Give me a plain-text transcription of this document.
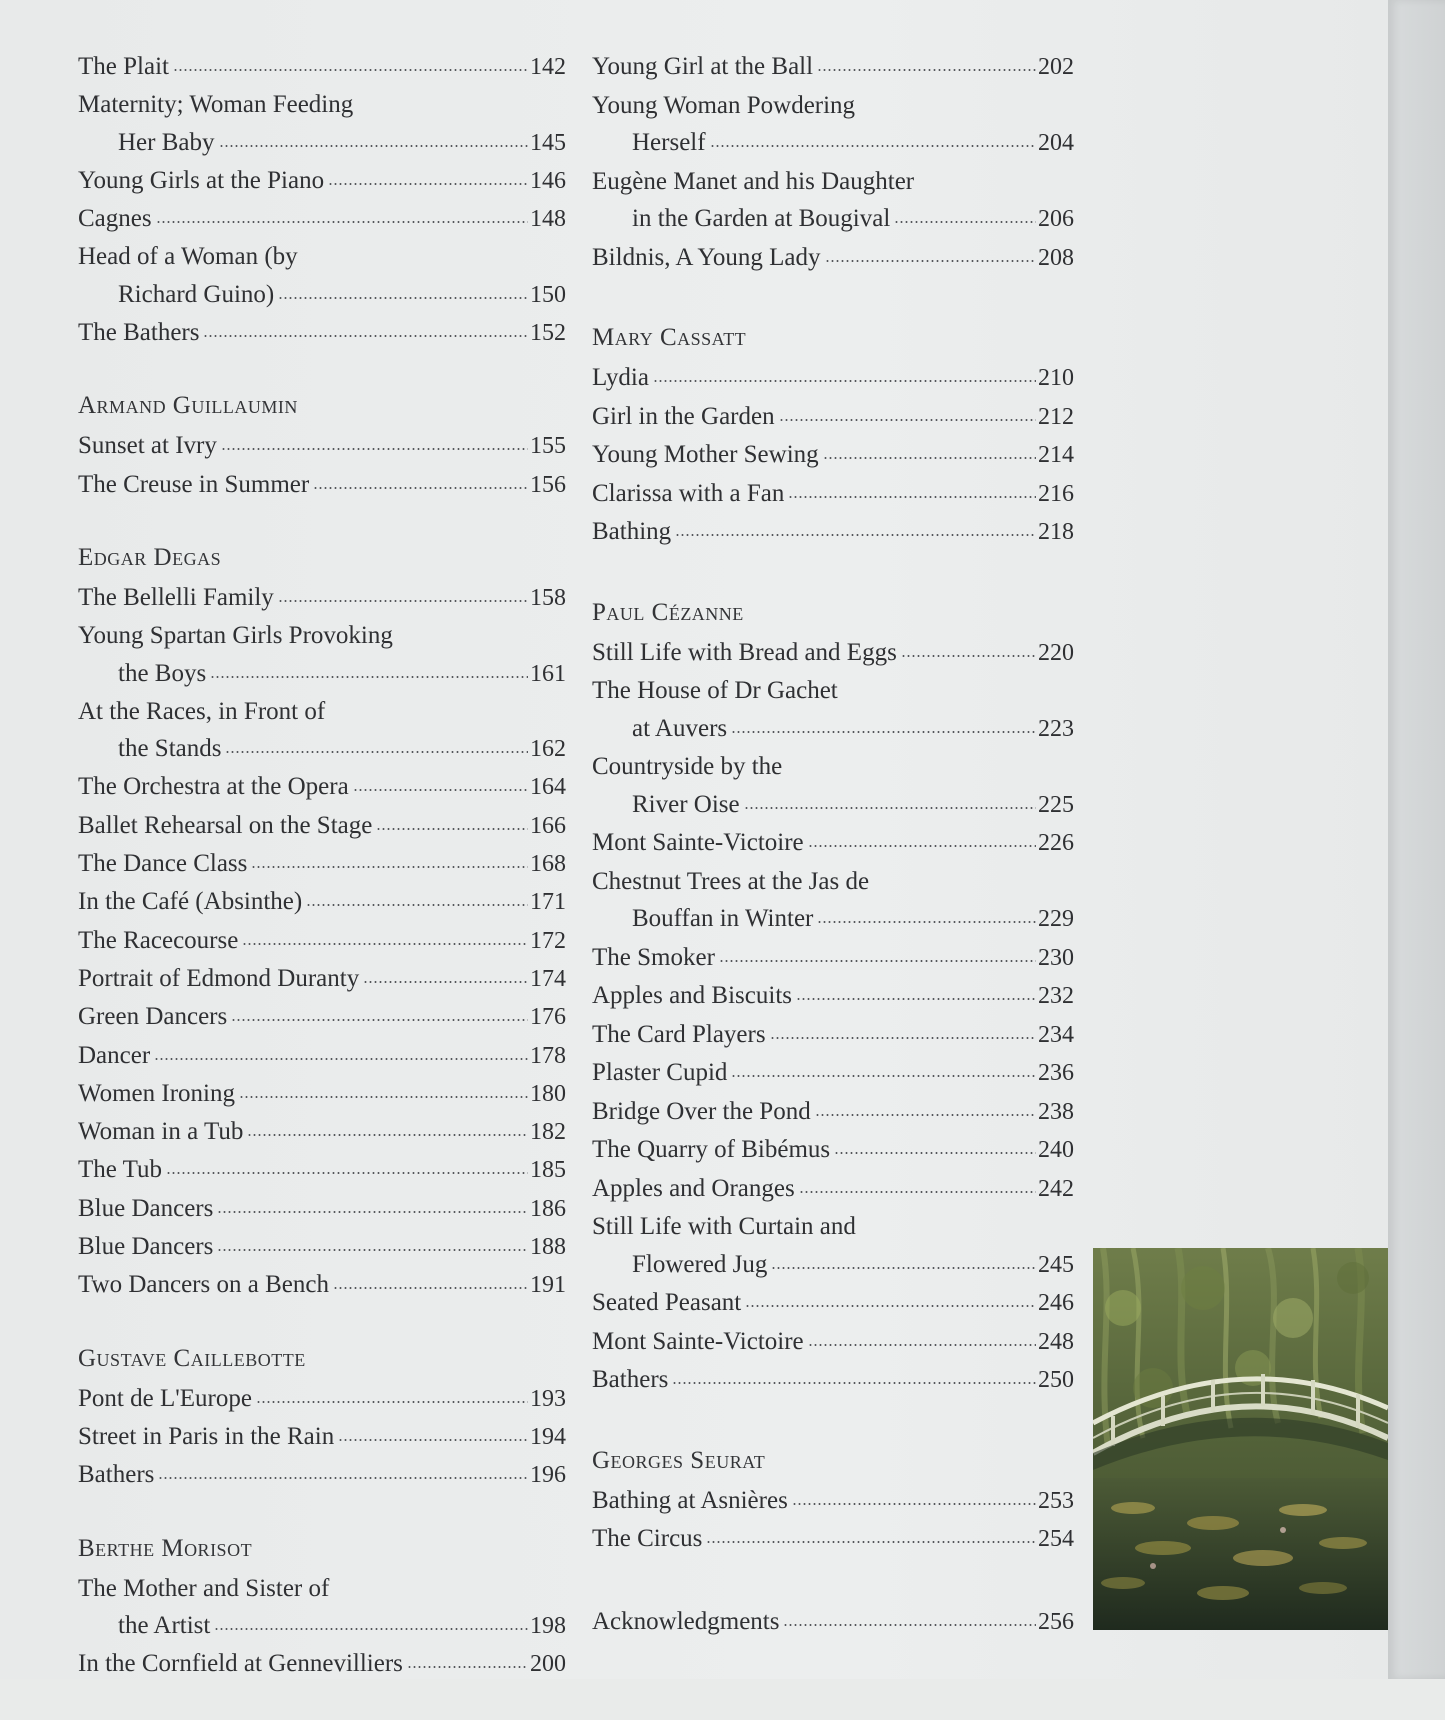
The Plait	142
Maternity; Woman Feeding
Her Baby	145
Young Girls at the Piano	146
Cagnes	148
Head of a Woman (by
Richard Guino)	150
The Bathers	152
Armand Guillaumin
Sunset at Ivry	155
The Creuse in Summer	156
Edgar Degas
The Bellelli Family	158
Young Spartan Girls Provoking
the Boys	161
At the Races, in Front of
the Stands	162
The Orchestra at the Opera	164
Ballet Rehearsal on the Stage	166
The Dance Class	168
In the Café (Absinthe)	171
The Racecourse	172
Portrait of Edmond Duranty	174
Green Dancers	176
Dancer	178
Women Ironing	180
Woman in a Tub	182
The Tub	185
Blue Dancers	186
Blue Dancers	188
Two Dancers on a Bench	191
Gustave Caillebotte
Pont de L'Europe	193
Street in Paris in the Rain	194
Bathers	196
Berthe Morisot
The Mother and Sister of
the Artist	198
In the Cornfield at Gennevilliers	200
Young Girl at the Ball	202
Young Woman Powdering
Herself	204
Eugène Manet and his Daughter
in the Garden at Bougival	206
Bildnis, A Young Lady	208
Mary Cassatt
Lydia	210
Girl in the Garden	212
Young Mother Sewing	214
Clarissa with a Fan	216
Bathing	218
Paul Cézanne
Still Life with Bread and Eggs	220
The House of Dr Gachet
at Auvers	223
Countryside by the
River Oise	225
Mont Sainte-Victoire	226
Chestnut Trees at the Jas de
Bouffan in Winter	229
The Smoker	230
Apples and Biscuits	232
The Card Players	234
Plaster Cupid	236
Bridge Over the Pond	238
The Quarry of Bibémus	240
Apples and Oranges	242
Still Life with Curtain and
Flowered Jug	245
Seated Peasant	246
Mont Sainte-Victoire	248
Bathers	250
Georges Seurat
Bathing at Asnières	253
The Circus	254
Acknowledgments	256
